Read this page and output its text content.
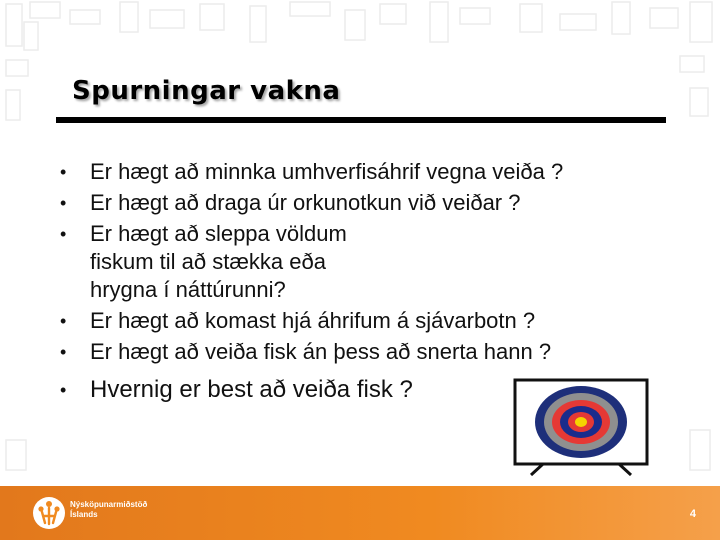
Spurningar vakna
• Er hægt að minnka umhverfisáhrif vegna veiða ?
• Er hægt að draga úr orkunotkun við veiðar ?
• Er hægt að sleppa völdum fiskum til að stækka eða hrygna í náttúrunni?
• Er hægt að komast hjá áhrifum á sjávarbotn ?
• Er hægt að veiða fisk án þess að snerta hann ?
• Hvernig er best að veiða fisk ?
Nýsköpunarmiðstöð
Íslands	4
